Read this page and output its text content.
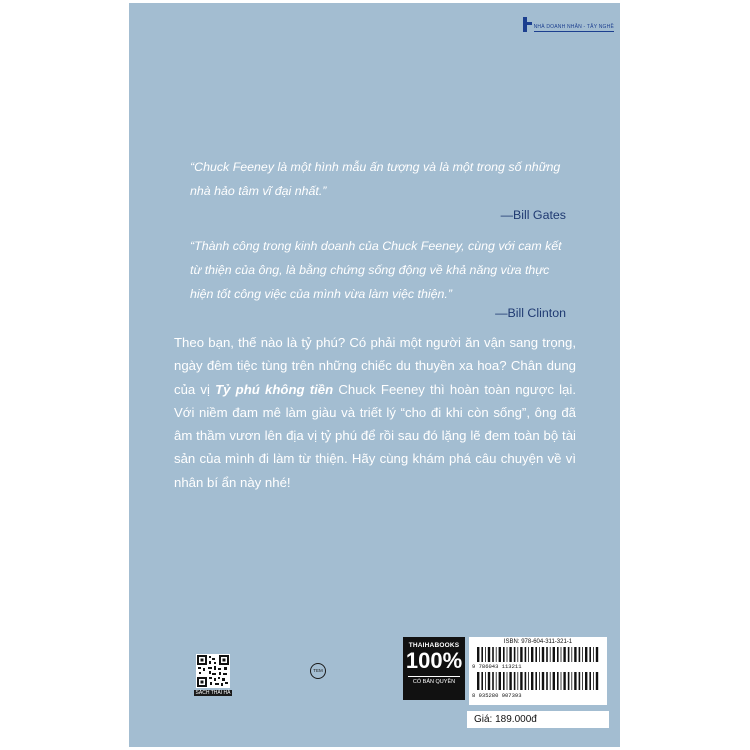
NHÀ DOANH NHÂN - TÂY NGHỀ
“Chuck Feeney là một hình mẫu ấn tượng và là một trong số những nhà hảo tâm vĩ đại nhất.”
—Bill Gates
“Thành công trong kinh doanh của Chuck Feeney, cùng với cam kết từ thiện của ông, là bằng chứng sống động về khả năng vừa thực hiện tốt công việc của mình vừa làm việc thiện.”
—Bill Clinton
Theo bạn, thế nào là tỷ phú? Có phải một người ăn vận sang trọng, ngày đêm tiệc tùng trên những chiếc du thuyền xa hoa? Chân dung của vị Tỷ phú không tiền Chuck Feeney thì hoàn toàn ngược lại. Với niềm đam mê làm giàu và triết lý “cho đi khi còn sống”, ông đã âm thầm vươn lên địa vị tỷ phú để rồi sau đó lặng lẽ đem toàn bộ tài sản của mình đi làm từ thiện. Hãy cùng khám phá câu chuyện về vì nhân bí ẩn này nhé!
SÁCH THÁI HÀ
TEM
THAIHABOOKS
100%
CÓ BẢN QUYỀN
ISBN: 978-604-311-321-1
9 786043 113211
8 935280 907393
Giá: 189.000đ
